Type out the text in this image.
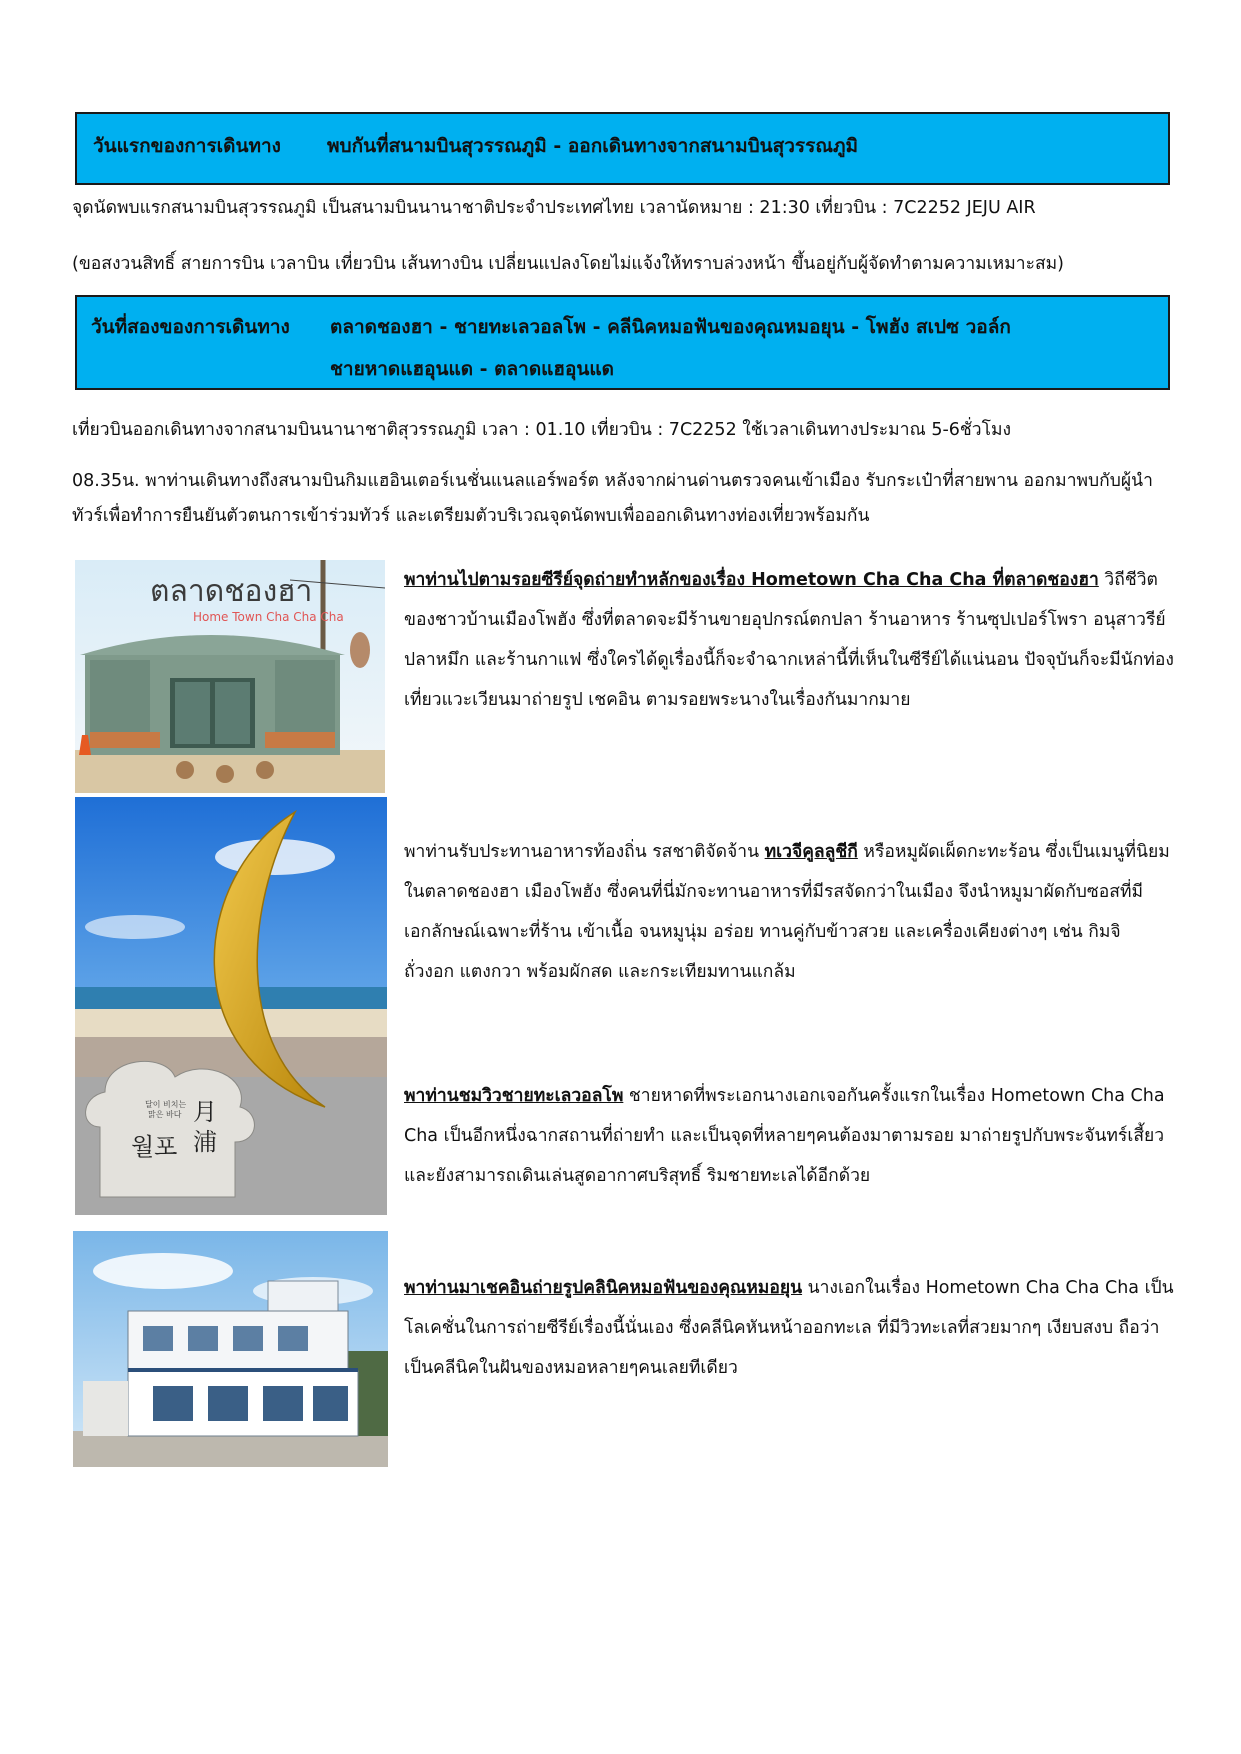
วันแรกของการเดินทาง พบกันที่สนามบินสุวรรณภูมิ - ออกเดินทางจากสนามบินสุวรรณภูมิ
จุดนัดพบแรกสนามบินสุวรรณภูมิ เป็นสนามบินนานาชาติประจำประเทศไทย เวลานัดหมาย : 21:30 เที่ยวบิน : 7C2252 JEJU AIR
(ขอสงวนสิทธิ์ สายการบิน เวลาบิน เที่ยวบิน เส้นทางบิน เปลี่ยนแปลงโดยไม่แจ้งให้ทราบล่วงหน้า ขึ้นอยู่กับผู้จัดทำตามความเหมาะสม)
วันที่สองของการเดินทาง ตลาดชองฮา - ชายทะเลวอลโพ - คลีนิคหมอฟันของคุณหมอยุน - โพฮัง สเปซ วอล์ก
ชายหาดแฮอุนแด - ตลาดแฮอุนแด
เที่ยวบินออกเดินทางจากสนามบินนานาชาติสุวรรณภูมิ เวลา : 01.10 เที่ยวบิน : 7C2252 ใช้เวลาเดินทางประมาณ 5-6ชั่วโมง
08.35น. พาท่านเดินทางถึงสนามบินกิมแฮอินเตอร์เนชั่นแนลแอร์พอร์ต หลังจากผ่านด่านตรวจคนเข้าเมือง รับกระเป๋าที่สายพาน ออกมาพบกับผู้นำทัวร์เพื่อทำการยืนยันตัวตนการเข้าร่วมทัวร์ และเตรียมตัวบริเวณจุดนัดพบเพื่อออกเดินทางท่องเที่ยวพร้อมกัน
ตลาดชองฮา
Home Town Cha Cha Cha
พาท่านไปตามรอยซีรีย์จุดถ่ายทำหลักของเรื่อง Hometown Cha Cha Cha ที่ตลาดชองฮา วิถีชีวิตของชาวบ้านเมืองโพฮัง ซึ่งที่ตลาดจะมีร้านขายอุปกรณ์ตกปลา ร้านอาหาร ร้านซุปเปอร์โพรา อนุสาวรีย์ปลาหมึก และร้านกาแฟ ซึ่งใครได้ดูเรื่องนี้ก็จะจำฉากเหล่านี้ที่เห็นในซีรีย์ได้แน่นอน ปัจจุบันก็จะมีนักท่องเที่ยวแวะเวียนมาถ่ายรูป เชคอิน ตามรอยพระนางในเรื่องกันมากมาย
달이 비치는
맑은 바다
월포
月浦
พาท่านรับประทานอาหารท้องถิ่น รสชาติจัดจ้าน ทเวจีคูลลูชีกี หรือหมูผัดเผ็ดกะทะร้อน ซึ่งเป็นเมนูที่นิยมในตลาดชองฮา เมืองโพฮัง ซึ่งคนที่นี่มักจะทานอาหารที่มีรสจัดกว่าในเมือง จึงนำหมูมาผัดกับซอสที่มีเอกลักษณ์เฉพาะที่ร้าน เข้าเนื้อ จนหมูนุ่ม อร่อย ทานคู่กับข้าวสวย และเครื่องเคียงต่างๆ เช่น กิมจิ ถั่วงอก แตงกวา พร้อมผักสด และกระเทียมทานแกล้ม
พาท่านชมวิวชายทะเลวอลโพ ชายหาดที่พระเอกนางเอกเจอกันครั้งแรกในเรื่อง Hometown Cha Cha Cha เป็นอีกหนึ่งฉากสถานที่ถ่ายทำ และเป็นจุดที่หลายๆคนต้องมาตามรอย มาถ่ายรูปกับพระจันทร์เสี้ยว และยังสามารถเดินเล่นสูดอากาศบริสุทธิ์ ริมชายทะเลได้อีกด้วย
พาท่านมาเชคอินถ่ายรูปคลินิคหมอฟันของคุณหมอยุน นางเอกในเรื่อง Hometown Cha Cha Cha เป็นโลเคชั่นในการถ่ายซีรีย์เรื่องนี้นั่นเอง ซึ่งคลีนิคหันหน้าออกทะเล ที่มีวิวทะเลที่สวยมากๆ เงียบสงบ ถือว่าเป็นคลีนิคในฝันของหมอหลายๆคนเลยทีเดียว
